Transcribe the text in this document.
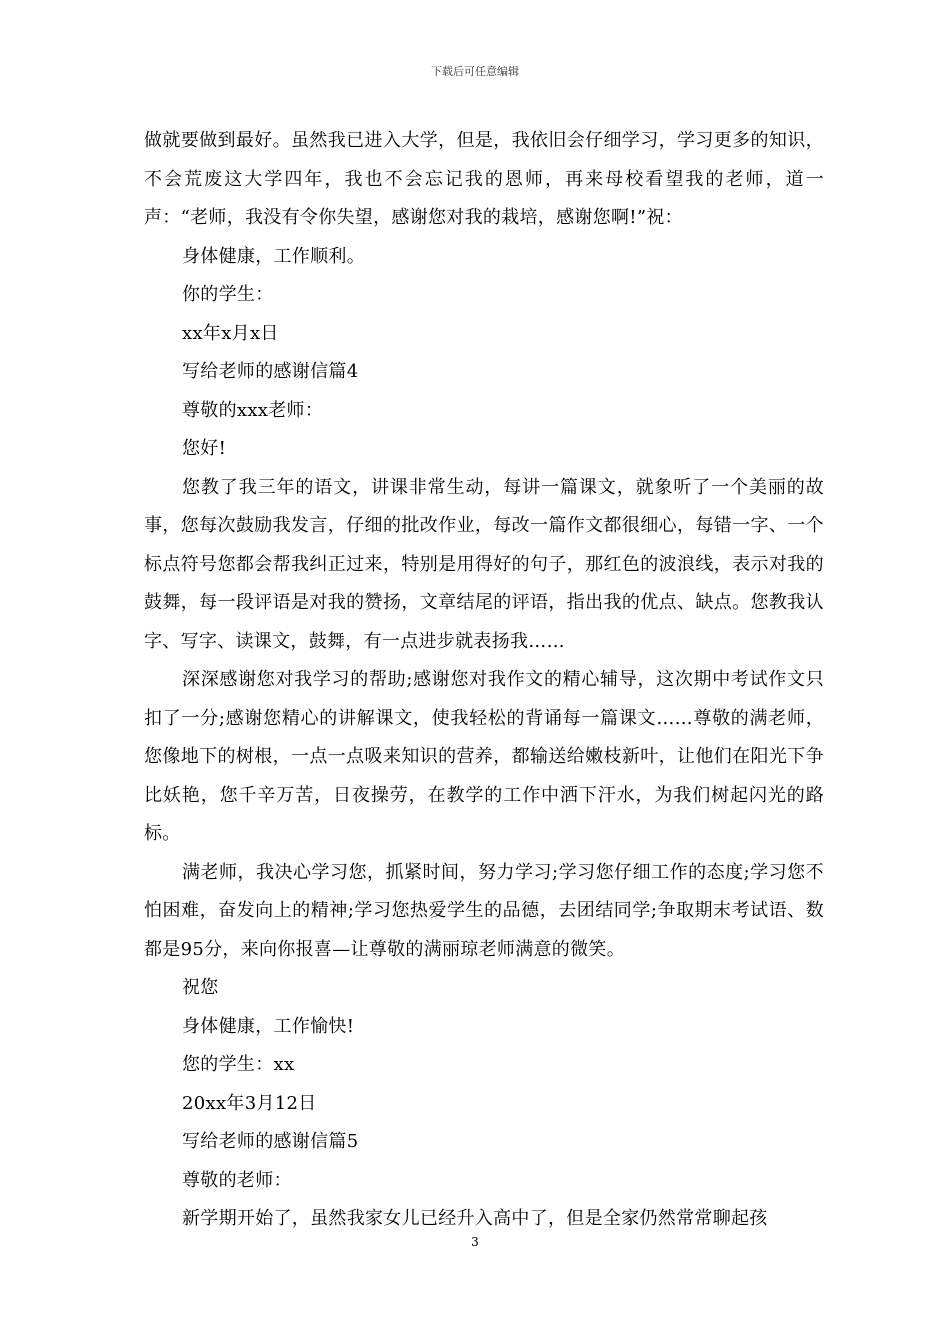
下载后可任意编辑

做就要做到最好。虽然我已进入大学，但是，我依旧会仔细学习，学习更多的知识，不会荒废这大学四年，我也不会忘记我的恩师，再来母校看望我的老师，道一声：“老师，我没有令你失望，感谢您对我的栽培，感谢您啊!”祝：

身体健康，工作顺利。

你的学生：

xx年x月x日

写给老师的感谢信篇4

尊敬的xxx老师：

您好!

您教了我三年的语文，讲课非常生动，每讲一篇课文，就象听了一个美丽的故事，您每次鼓励我发言，仔细的批改作业，每改一篇作文都很细心，每错一字、一个标点符号您都会帮我纠正过来，特别是用得好的句子，那红色的波浪线，表示对我的鼓舞，每一段评语是对我的赞扬，文章结尾的评语，指出我的优点、缺点。您教我认字、写字、读课文，鼓舞，有一点进步就表扬我……

深深感谢您对我学习的帮助;感谢您对我作文的精心辅导，这次期中考试作文只扣了一分;感谢您精心的讲解课文，使我轻松的背诵每一篇课文……尊敬的满老师，您像地下的树根，一点一点吸来知识的营养，都输送给嫩枝新叶，让他们在阳光下争比妖艳，您千辛万苦，日夜操劳，在教学的工作中洒下汗水，为我们树起闪光的路标。

满老师，我决心学习您，抓紧时间，努力学习;学习您仔细工作的态度;学习您不怕困难，奋发向上的精神;学习您热爱学生的品德，去团结同学;争取期末考试语、数都是95分，来向你报喜—让尊敬的满丽琼老师满意的微笑。

祝您

身体健康，工作愉快!

您的学生：xx

20xx年3月12日

写给老师的感谢信篇5

尊敬的老师：

新学期开始了，虽然我家女儿已经升入高中了，但是全家仍然常常聊起孩

3
